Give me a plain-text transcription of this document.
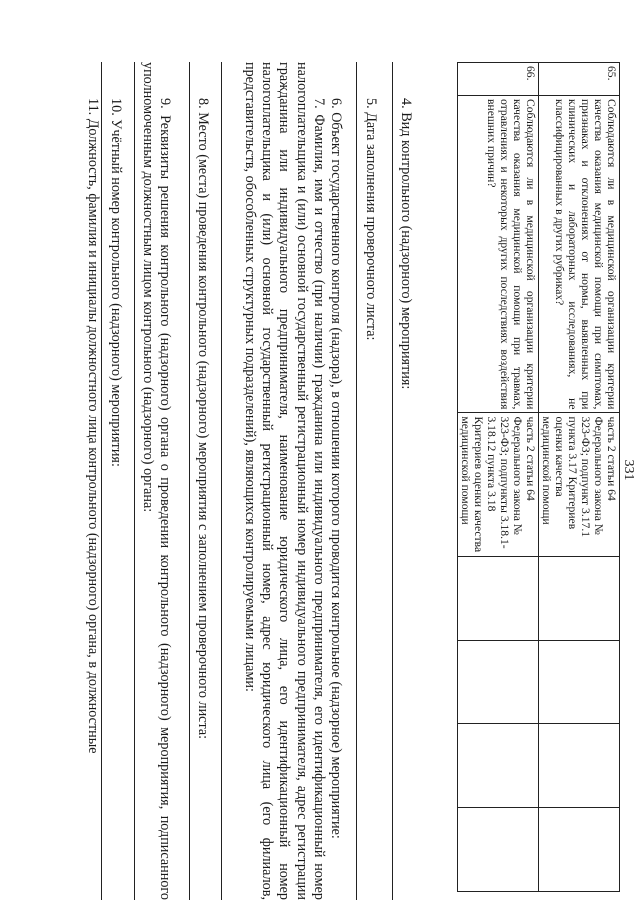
331
65.	Соблюдаются ли в медицинской организации критерии качества оказания медицинской помощи при симптомах, признаках и отклонениях от нормы, выявленных при клинических и лабораторных исследованиях, не классифицированных в других рубриках?	часть 2 статьи 64 Федерального закона № 323-ФЗ; подпункт 3.17.1 пункта 3.17 Критериев оценки качества медицинской помощи				
66.	Соблюдаются ли в медицинской организации критерии качества оказания медицинской помощи при травмах, отравлениях и некоторых других последствиях воздействия внешних причин?	часть 2 статьи 64 Федерального закона № 323-ФЗ; подпункты 3.18.1-3.18.12 пункта 3.18 Критериев оценки качества медицинской помощи				

4. Вид контрольного (надзорного) мероприятия:

5. Дата заполнения проверочного листа:

6. Объект государственного контроля (надзора), в отношении которого проводится контрольное (надзорное) мероприятие:

7. Фамилия, имя и отчество (при наличии) гражданина или индивидуального предпринимателя, его идентификационный номер налогоплательщика и (или) основной государственный регистрационный номер индивидуального предпринимателя, адрес регистрации гражданина или индивидуального предпринимателя, наименование юридического лица, его идентификационный номер налогоплательщика и (или) основной государственный регистрационный номер, адрес юридического лица (его филиалов, представительств, обособленных структурных подразделений), являющихся контролируемыми лицами:

8. Место (места) проведения контрольного (надзорного) мероприятия с заполнением проверочного листа:

9. Реквизиты решения контрольного (надзорного) органа о проведении контрольного (надзорного) мероприятия, подписанного уполномоченным должностным лицом контрольного (надзорного) органа:

10. Учётный номер контрольного (надзорного) мероприятия:

11. Должность, фамилия и инициалы должностного лица контрольного (надзорного) органа, в должностные
